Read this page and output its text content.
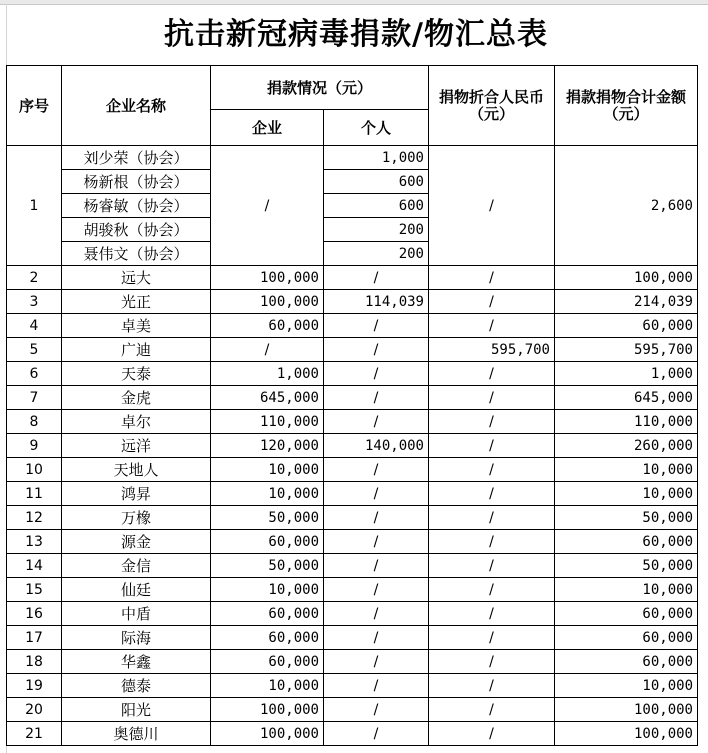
抗击新冠病毒捐款/物汇总表
序号	企业名称	捐款情况（元）		捐物折合人民币（元）	捐款捐物合计金额（元）
		企业	个人		
1	刘少荣（协会）	/	1,000	/	2,600
	杨新根（协会）		600		
	杨睿敏（协会）		600		
	胡骏秋（协会）		200		
	聂伟文（协会）		200		
2	远大	100,000	/	/	100,000
3	光正	100,000	114,039	/	214,039
4	卓美	60,000	/	/	60,000
5	广迪	/	/	595,700	595,700
6	天泰	1,000	/	/	1,000
7	金虎	645,000	/	/	645,000
8	卓尔	110,000	/	/	110,000
9	远洋	120,000	140,000	/	260,000
10	天地人	10,000	/	/	10,000
11	鸿昇	10,000	/	/	10,000
12	万橡	50,000	/	/	50,000
13	源金	60,000	/	/	60,000
14	金信	50,000	/	/	50,000
15	仙廷	10,000	/	/	10,000
16	中盾	60,000	/	/	60,000
17	际海	60,000	/	/	60,000
18	华鑫	60,000	/	/	60,000
19	德泰	10,000	/	/	10,000
20	阳光	100,000	/	/	100,000
21	奥德川	100,000	/	/	100,000
